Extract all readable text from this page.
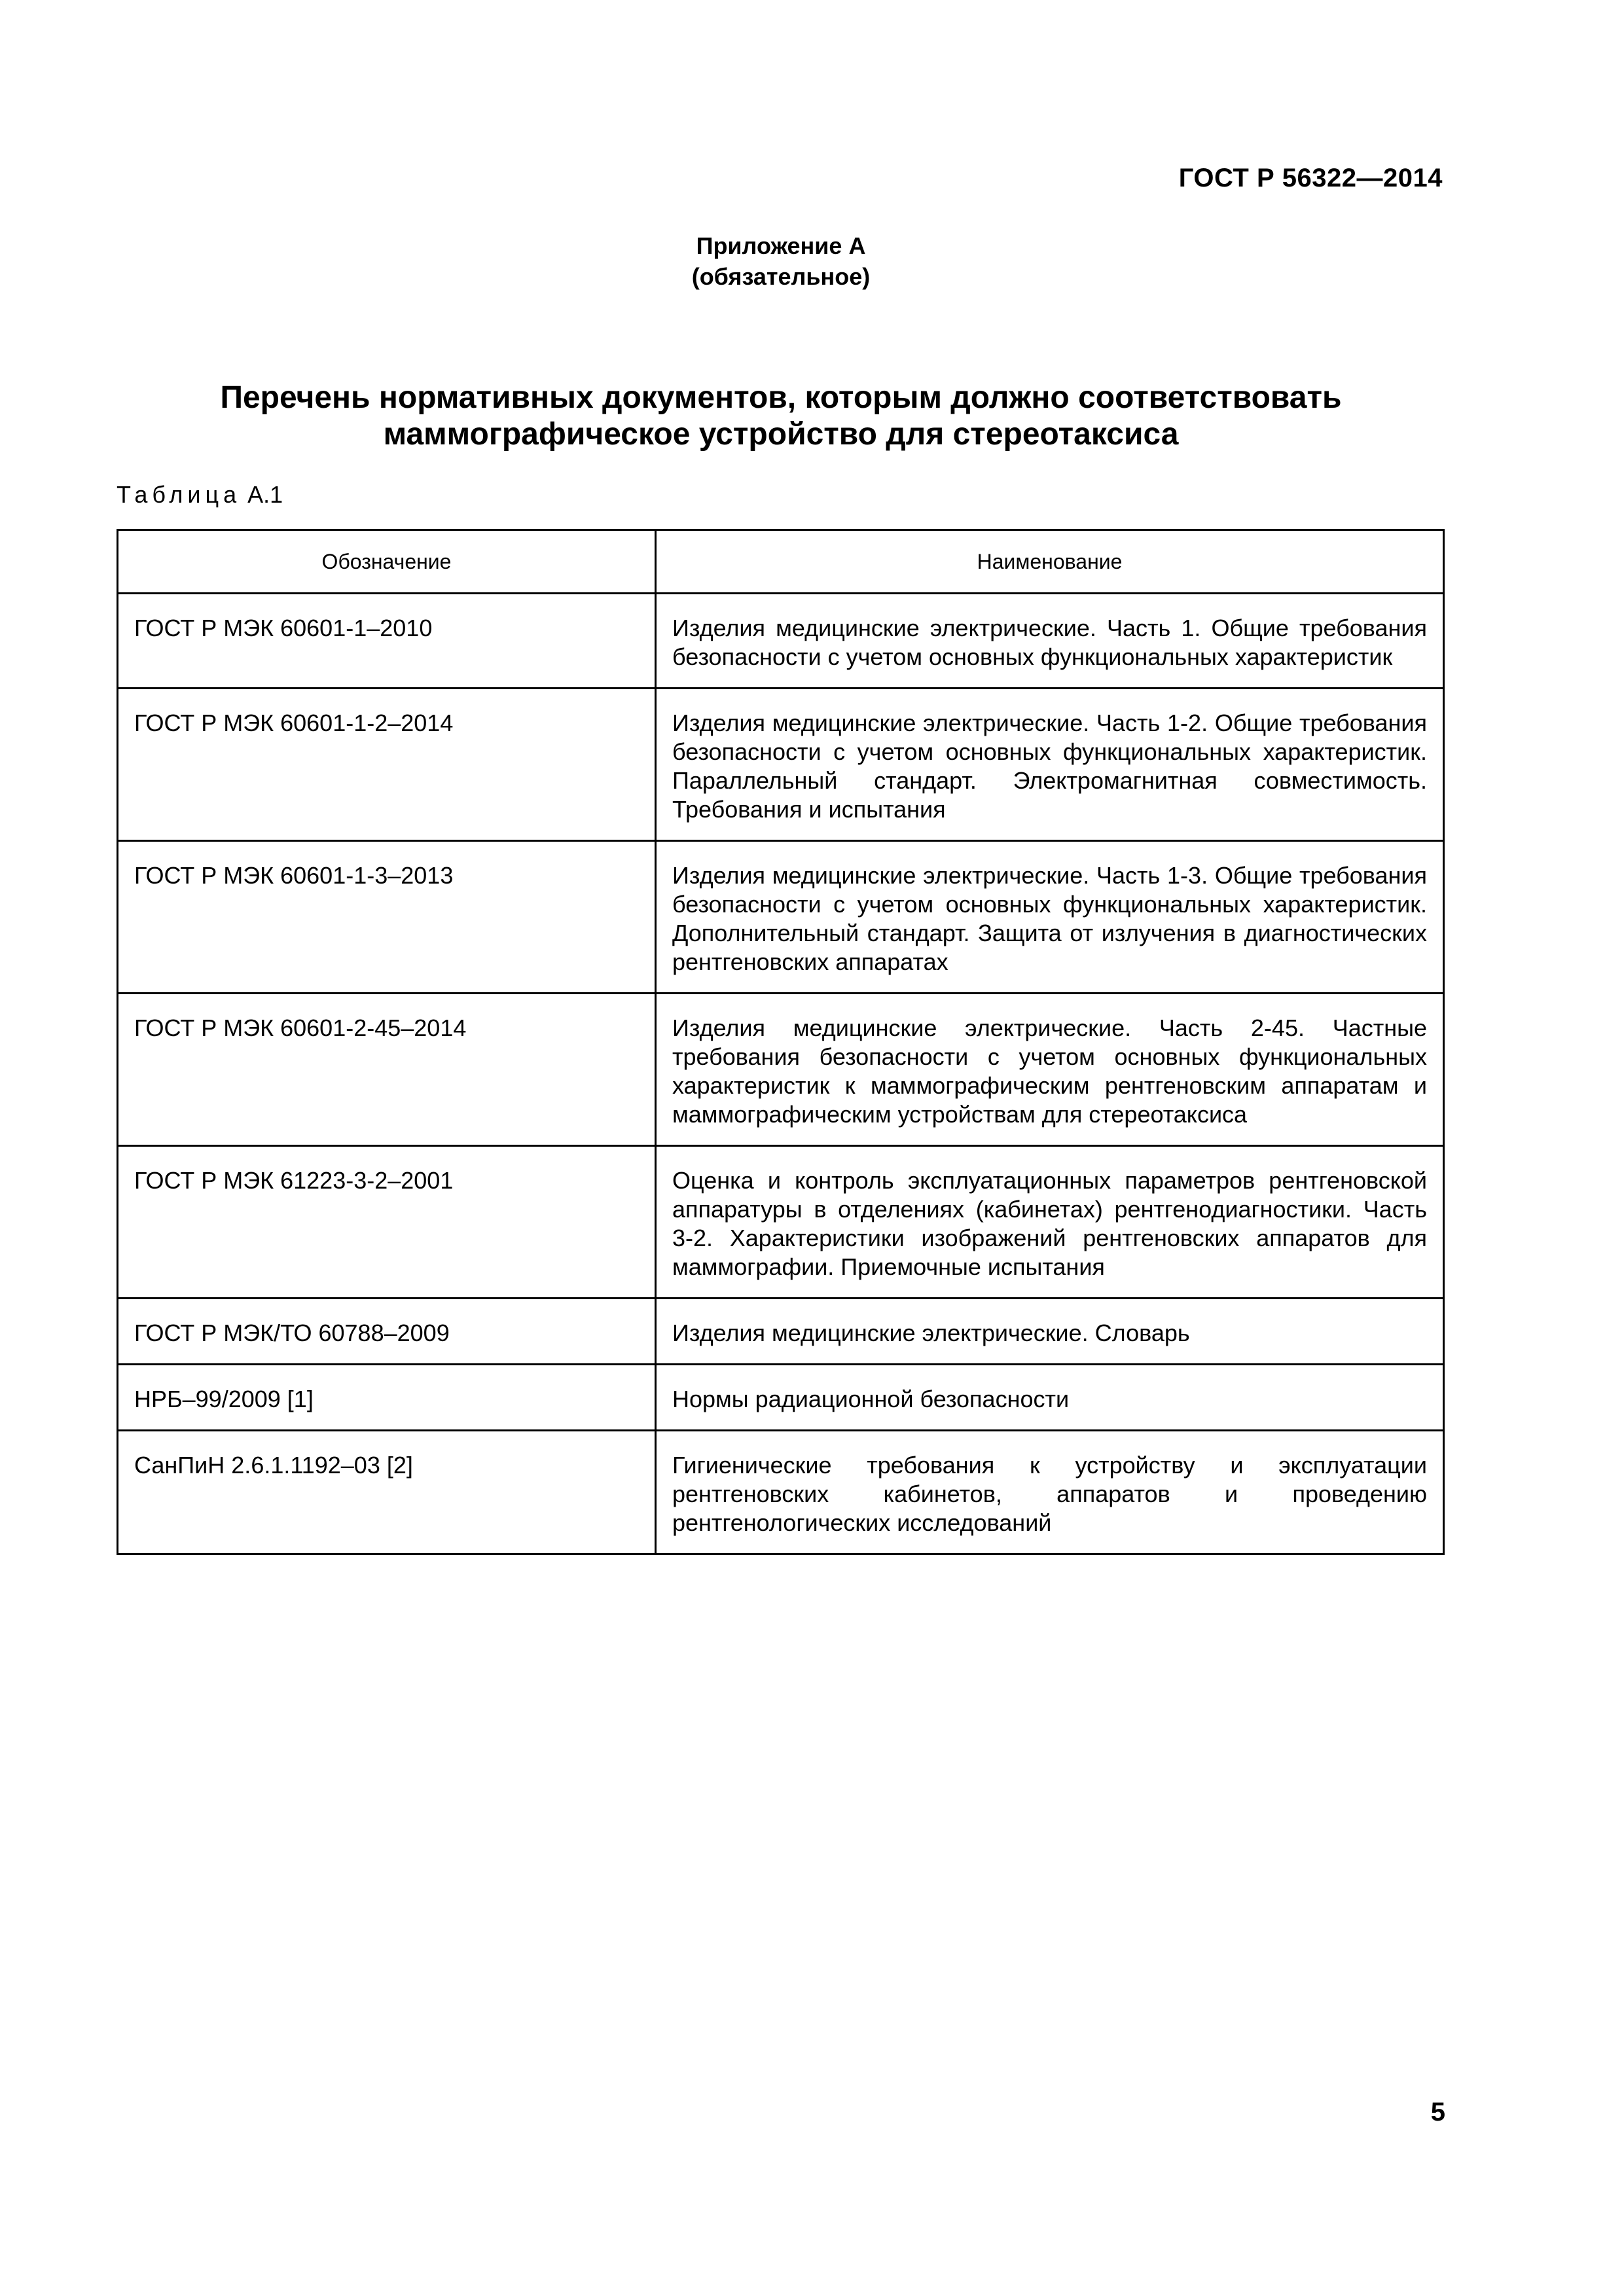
ГОСТ Р 56322—2014
Приложение А
(обязательное)
Перечень нормативных документов, которым должно соответствовать
маммографическое устройство для стереотаксиса
Таблица А.1
Обозначение	Наименование
ГОСТ Р МЭК 60601-1–2010	Изделия медицинские электрические. Часть 1. Общие требования безопасности с учетом основных функциональных характеристик
ГОСТ Р МЭК 60601-1-2–2014	Изделия медицинские электрические. Часть 1-2. Общие требования безопасности с учетом основных функциональных характеристик. Параллельный стандарт. Электромагнитная совместимость. Требования и испытания
ГОСТ Р МЭК 60601-1-3–2013	Изделия медицинские электрические. Часть 1-3. Общие требования безопасности с учетом основных функциональных характеристик. Дополнительный стандарт. Защита от излучения в диагностических рентгеновских аппаратах
ГОСТ Р МЭК 60601-2-45–2014	Изделия медицинские электрические. Часть 2-45. Частные требования безопасности с учетом основных функциональных характеристик к маммографическим рентгеновским аппаратам и маммографическим устройствам для стереотаксиса
ГОСТ Р МЭК 61223-3-2–2001	Оценка и контроль эксплуатационных параметров рентгеновской аппаратуры в отделениях (кабинетах) рентгенодиагностики. Часть 3-2. Характеристики изображений рентгеновских аппаратов для маммографии. Приемочные испытания
ГОСТ Р МЭК/ТО 60788–2009	Изделия медицинские электрические. Словарь
НРБ–99/2009 [1]	Нормы радиационной безопасности
СанПиН 2.6.1.1192–03 [2]	Гигиенические требования к устройству и эксплуатации рентгеновских кабинетов, аппаратов и проведению рентгенологических исследований
5
